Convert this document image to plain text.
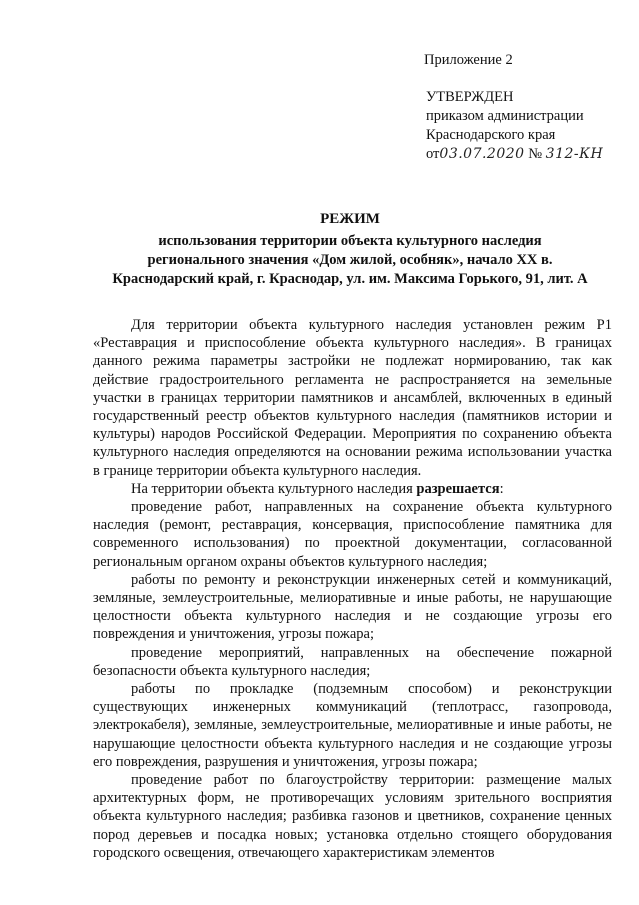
Приложение 2
УТВЕРЖДЕН
приказом администрации
Краснодарского края
от03.07.2020 № 312-КН
РЕЖИМ
использования территории объекта культурного наследия
регионального значения «Дом жилой, особняк», начало XX в.
Краснодарский край, г. Краснодар, ул. им. Максима Горького, 91, лит. А

Для территории объекта культурного наследия установлен режим Р1 «Реставрация и приспособление объекта культурного наследия». В границах данного режима параметры застройки не подлежат нормированию, так как действие градостроительного регламента не распространяется на земельные участки в границах территории памятников и ансамблей, включенных в единый государственный реестр объектов культурного наследия (памятников истории и культуры) народов Российской Федерации. Мероприятия по сохранению объекта культурного наследия определяются на основании режима использовании участка в границе территории объекта культурного наследия.

На территории объекта культурного наследия разрешается:

проведение работ, направленных на сохранение объекта культурного наследия (ремонт, реставрация, консервация, приспособление памятника для современного использования) по проектной документации, согласованной региональным органом охраны объектов культурного наследия;

работы по ремонту и реконструкции инженерных сетей и коммуникаций, земляные, землеустроительные, мелиоративные и иные работы, не нарушающие целостности объекта культурного наследия и не создающие угрозы его повреждения и уничтожения, угрозы пожара;

проведение мероприятий, направленных на обеспечение пожарной безопасности объекта культурного наследия;

работы по прокладке (подземным способом) и реконструкции существующих инженерных коммуникаций (теплотрасс, газопровода, электрокабеля), земляные, землеустроительные, мелиоративные и иные работы, не нарушающие целостности объекта культурного наследия и не создающие угрозы его повреждения, разрушения и уничтожения, угрозы пожара;

проведение работ по благоустройству территории: размещение малых архитектурных форм, не противоречащих условиям зрительного восприятия объекта культурного наследия; разбивка газонов и цветников, сохранение ценных пород деревьев и посадка новых; установка отдельно стоящего оборудования городского освещения, отвечающего характеристикам элементов
